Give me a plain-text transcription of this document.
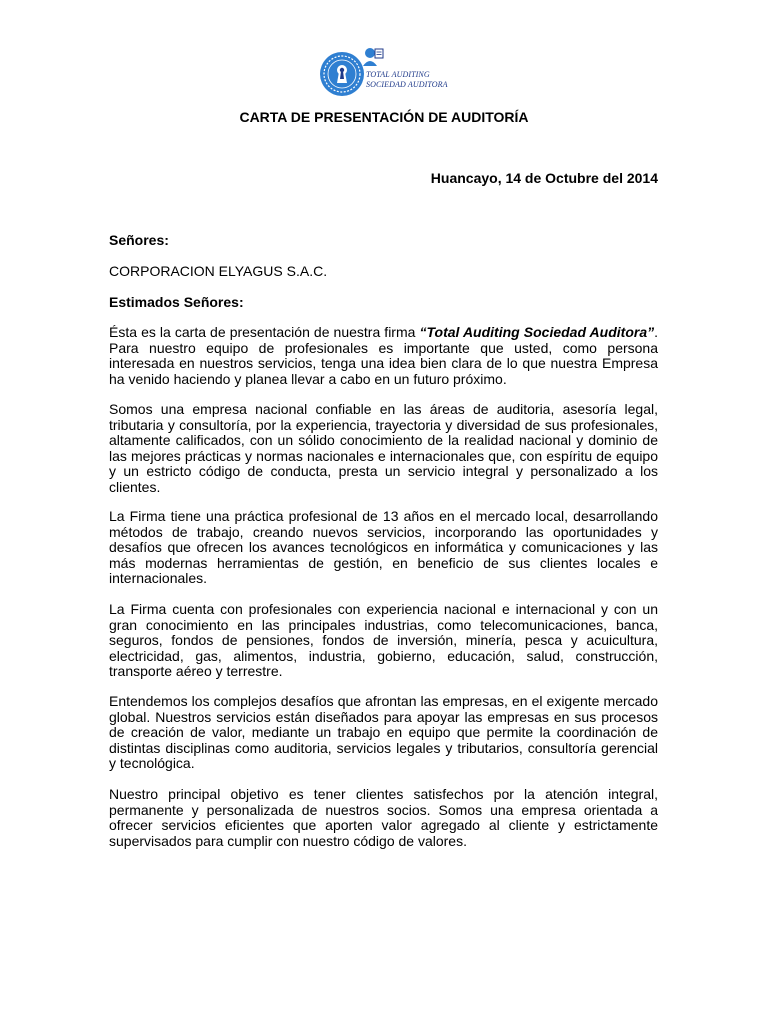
TOTAL AUDITING
SOCIEDAD AUDITORA
CARTA DE PRESENTACIÓN DE AUDITORÍA
Huancayo, 14 de Octubre del 2014
Señores:
CORPORACION ELYAGUS S.A.C.
Estimados Señores:
Ésta es la carta de presentación de nuestra firma “Total Auditing Sociedad Auditora”. Para nuestro equipo de profesionales es importante que usted, como persona interesada en nuestros servicios, tenga una idea bien clara de lo que nuestra Empresa ha venido haciendo y planea llevar a cabo en un futuro próximo.
Somos una empresa nacional confiable en las áreas de auditoria, asesoría legal, tributaria y consultoría, por la experiencia, trayectoria y diversidad de sus profesionales, altamente calificados, con un sólido conocimiento de la realidad nacional y dominio de las mejores prácticas y normas nacionales e internacionales que, con espíritu de equipo y un estricto código de conducta, presta un servicio integral y personalizado a los clientes.
La Firma tiene una práctica profesional de 13 años en el mercado local, desarrollando métodos de trabajo, creando nuevos servicios, incorporando las oportunidades y desafíos que ofrecen los avances tecnológicos en informática y comunicaciones y las más modernas herramientas de gestión, en beneficio de sus clientes locales e internacionales.
La Firma cuenta con profesionales con experiencia nacional e internacional y con un gran conocimiento en las principales industrias, como telecomunicaciones, banca, seguros, fondos de pensiones, fondos de inversión, minería, pesca y acuicultura, electricidad, gas, alimentos, industria, gobierno, educación, salud, construcción, transporte aéreo y terrestre.
Entendemos los complejos desafíos que afrontan las empresas, en el exigente mercado global. Nuestros servicios están diseñados para apoyar las empresas en sus procesos de creación de valor, mediante un trabajo en equipo que permite la coordinación de distintas disciplinas como auditoria, servicios legales y tributarios, consultoría gerencial y tecnológica.
Nuestro principal objetivo es tener clientes satisfechos por la atención integral, permanente y personalizada de nuestros socios. Somos una empresa orientada a ofrecer servicios eficientes que aporten valor agregado al cliente y estrictamente supervisados para cumplir con nuestro código de valores.
